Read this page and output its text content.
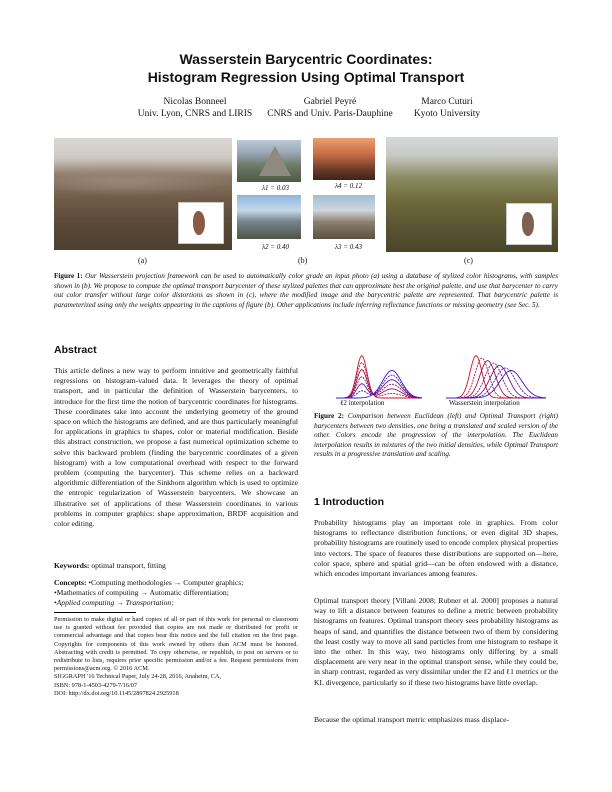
Wasserstein Barycentric Coordinates:
Histogram Regression Using Optimal Transport
Nicolas Bonneel
Univ. Lyon, CNRS and LIRIS
Gabriel Peyré
CNRS and Univ. Paris-Dauphine
Marco Cuturi
Kyoto University
λ1 = 0.03	λ4 = 0.12
λ2 = 0.40	λ3 = 0.43
(a)	(b)	(c)
Figure 1: Our Wasserstein projection framework can be used to automatically color grade an input photo (a) using a database of stylized color histograms, with samples shown in (b). We propose to compute the optimal transport barycenter of these stylized palettes that can approximate best the original palette, and use that barycenter to carry out color transfer without large color distortions as shown in (c), where the modified image and the barycentric palette are represented. That barycentric palette is parameterized using only the weights appearing in the captions of figure (b). Other applications include inferring reflectance functions or missing geometry (see Sec. 5).
Abstract
This article defines a new way to perform intuitive and geometrically faithful regressions on histogram-valued data. It leverages the theory of optimal transport, and in particular the definition of Wasserstein barycenters, to introduce for the first time the notion of barycentric coordinates for histograms. These coordinates take into account the underlying geometry of the ground space on which the histograms are defined, and are thus particularly meaningful for applications in graphics to shapes, color or material modification. Beside this abstract construction, we propose a fast numerical optimization scheme to solve this backward problem (finding the barycentric coordinates of a given histogram) with a low computational overhead with respect to the forward problem (computing the barycenter). This scheme relies on a backward algorithmic differentiation of the Sinkhorn algorithm which is used to optimize the entropic regularization of Wasserstein barycenters. We showcase an illustrative set of applications of these Wasserstein coordinates to various problems in computer graphics: shape approximation, BRDF acquisition and color editing.
Keywords: optimal transport, fitting
Concepts: •Computing methodologies → Computer graphics;
•Mathematics of computing → Automatic differentiation;
•Applied computing → Transportation;
Permission to make digital or hard copies of all or part of this work for personal or classroom use is granted without fee provided that copies are not made or distributed for profit or commercial advantage and that copies bear this notice and the full citation on the first page. Copyrights for components of this work owned by others than ACM must be honored. Abstracting with credit is permitted. To copy otherwise, or republish, to post on servers or to redistribute to lists, requires prior specific permission and/or a fee. Request permissions from permissions@acm.org. © 2016 ACM.
SIGGRAPH '16 Technical Paper, July 24-28, 2016, Anaheim, CA,
ISBN: 978-1-4503-4279-7/16/07
DOI: http://dx.doi.org/10.1145/2897824.2925918
ℓ2 interpolation	Wasserstein interpolation
Figure 2: Comparison between Euclidean (left) and Optimal Transport (right) barycenters between two densities, one being a translated and scaled version of the other. Colors encode the progression of the interpolation. The Euclidean interpolation results in mixtures of the two initial densities, while Optimal Transport results in a progressive translation and scaling.
1 Introduction
Probability histograms play an important role in graphics. From color histograms to reflectance distribution functions, or even digital 3D shapes, probability histograms are routinely used to encode complex physical properties into vectors. The space of features these distributions are supported on—here, color space, sphere and spatial grid—can be often endowed with a distance, which encodes important invariances among features.
Optimal transport theory [Villani 2008; Rubner et al. 2000] proposes a natural way to lift a distance between features to define a metric between probability histograms on features. Optimal transport theory sees probability histograms as heaps of sand, and quantifies the distance between two of them by considering the least costly way to move all sand particles from one histogram to reshape it into the other. In this way, two histograms only differing by a small displacement are very near in the optimal transport sense, while they could be, in sharp contrast, regarded as very dissimilar under the ℓ2 and ℓ1 metrics or the KL divergence, particularly so if these two histograms have little overlap.
Because the optimal transport metric emphasizes mass displace-
